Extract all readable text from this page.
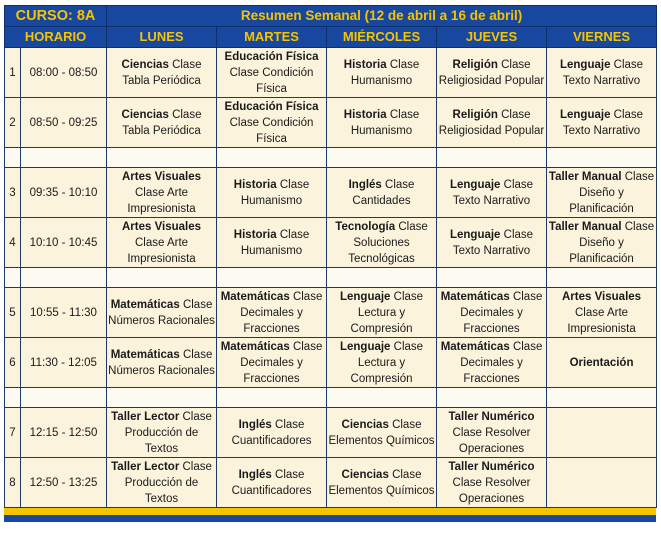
CURSO: 8A		Resumen Semanal (12 de abril a 16 de abril)				
HORARIO		LUNES	MARTES	MIÉRCOLES	JUEVES	VIERNES
1	08:00 - 08:50	Ciencias Clase Tabla Periódica	Educación Física Clase Condición Física	Historia Clase Humanismo	Religión Clase Religiosidad Popular	Lenguaje Clase Texto Narrativo

2	08:50 - 09:25	Ciencias Clase Tabla Periódica	Educación Física Clase Condición Física	Historia Clase Humanismo	Religión Clase Religiosidad Popular	Lenguaje Clase Texto Narrativo

3	09:35 - 10:10	Artes Visuales Clase Arte Impresionista	Historia Clase Humanismo	Inglés Clase Cantidades	Lenguaje Clase Texto Narrativo	Taller Manual Clase Diseño y Planificación

4	10:10 - 10:45	Artes Visuales Clase Arte Impresionista	Historia Clase Humanismo	Tecnología Clase Soluciones Tecnológicas	Lenguaje Clase Texto Narrativo	Taller Manual Clase Diseño y Planificación

5	10:55 - 11:30	Matemáticas Clase Números Racionales	Matemáticas Clase Decimales y Fracciones	Lenguaje Clase Lectura y Compresión	Matemáticas Clase Decimales y Fracciones	Artes Visuales Clase Arte Impresionista

6	11:30 - 12:05	Matemáticas Clase Números Racionales	Matemáticas Clase Decimales y Fracciones	Lenguaje Clase Lectura y Compresión	Matemáticas Clase Decimales y Fracciones	Orientación

7	12:15 - 12:50	Taller Lector Clase Producción de Textos	Inglés Clase Cuantificadores	Ciencias Clase Elementos Químicos	Taller Numérico Clase Resolver Operaciones	

8	12:50 - 13:25	Taller Lector Clase Producción de Textos	Inglés Clase Cuantificadores	Ciencias Clase Elementos Químicos	Taller Numérico Clase Resolver Operaciones	
